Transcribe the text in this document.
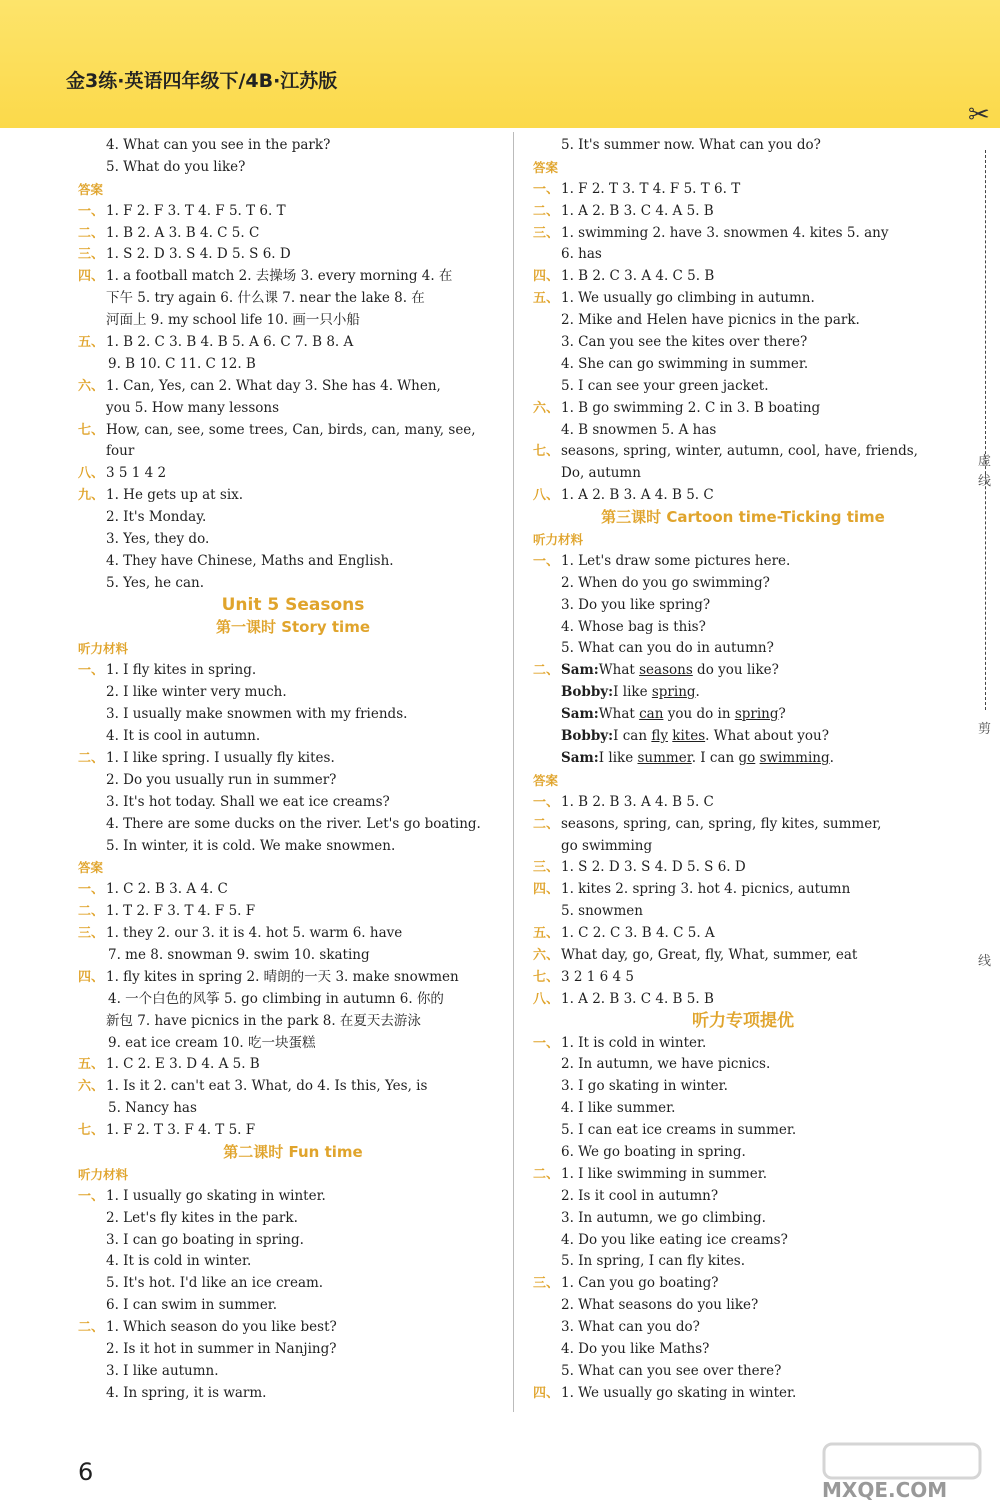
金3练·英语四年级下/4B·江苏版
✂
虚
线
剪
线
4. What can you see in the park?
5. What do you like?
答案
一、 1. F 2. F 3. T 4. F 5. T 6. T
二、 1. B 2. A 3. B 4. C 5. C
三、 1. S 2. D 3. S 4. D 5. S 6. D
四、 1. a football match 2. 去操场 3. every morning 4. 在
下午 5. try again 6. 什么课 7. near the lake 8. 在
河面上 9. my school life 10. 画一只小船
五、 1. B 2. C 3. B 4. B 5. A 6. C 7. B 8. A
9. B 10. C 11. C 12. B
六、 1. Can, Yes, can 2. What day 3. She has 4. When,
you 5. How many lessons
七、 How, can, see, some trees, Can, birds, can, many, see,
four
八、 3 5 1 4 2
九、 1. He gets up at six.
2. It's Monday.
3. Yes, they do.
4. They have Chinese, Maths and English.
5. Yes, he can.
Unit 5 Seasons
第一课时 Story time
听力材料
一、 1. I fly kites in spring.
2. I like winter very much.
3. I usually make snowmen with my friends.
4. It is cool in autumn.
二、 1. I like spring. I usually fly kites.
2. Do you usually run in summer?
3. It's hot today. Shall we eat ice creams?
4. There are some ducks on the river. Let's go boating.
5. In winter, it is cold. We make snowmen.
答案
一、 1. C 2. B 3. A 4. C
二、 1. T 2. F 3. T 4. F 5. F
三、 1. they 2. our 3. it is 4. hot 5. warm 6. have
7. me 8. snowman 9. swim 10. skating
四、 1. fly kites in spring 2. 晴朗的一天 3. make snowmen
4. 一个白色的风筝 5. go climbing in autumn 6. 你的
新包 7. have picnics in the park 8. 在夏天去游泳
9. eat ice cream 10. 吃一块蛋糕
五、 1. C 2. E 3. D 4. A 5. B
六、 1. Is it 2. can't eat 3. What, do 4. Is this, Yes, is
5. Nancy has
七、 1. F 2. T 3. F 4. T 5. F
第二课时 Fun time
听力材料
一、 1. I usually go skating in winter.
2. Let's fly kites in the park.
3. I can go boating in spring.
4. It is cold in winter.
5. It's hot. I'd like an ice cream.
6. I can swim in summer.
二、 1. Which season do you like best?
2. Is it hot in summer in Nanjing?
3. I like autumn.
4. In spring, it is warm.
5. It's summer now. What can you do?
答案
一、 1. F 2. T 3. T 4. F 5. T 6. T
二、 1. A 2. B 3. C 4. A 5. B
三、 1. swimming 2. have 3. snowmen 4. kites 5. any
6. has
四、 1. B 2. C 3. A 4. C 5. B
五、 1. We usually go climbing in autumn.
2. Mike and Helen have picnics in the park.
3. Can you see the kites over there?
4. She can go swimming in summer.
5. I can see your green jacket.
六、 1. B go swimming 2. C in 3. B boating
4. B snowmen 5. A has
七、 seasons, spring, winter, autumn, cool, have, friends,
Do, autumn
八、 1. A 2. B 3. A 4. B 5. C
第三课时 Cartoon time-Ticking time
听力材料
一、 1. Let's draw some pictures here.
2. When do you go swimming?
3. Do you like spring?
4. Whose bag is this?
5. What can you do in autumn?
二、 Sam:What seasons do you like?
Bobby:I like spring.
Sam:What can you do in spring?
Bobby:I can fly kites. What about you?
Sam:I like summer. I can go swimming.
答案
一、 1. B 2. B 3. A 4. B 5. C
二、 seasons, spring, can, spring, fly kites, summer,
go swimming
三、 1. S 2. D 3. S 4. D 5. S 6. D
四、 1. kites 2. spring 3. hot 4. picnics, autumn
5. snowmen
五、 1. C 2. C 3. B 4. C 5. A
六、 What day, go, Great, fly, What, summer, eat
七、 3 2 1 6 4 5
八、 1. A 2. B 3. C 4. B 5. B
听力专项提优
一、 1. It is cold in winter.
2. In autumn, we have picnics.
3. I go skating in winter.
4. I like summer.
5. I can eat ice creams in summer.
6. We go boating in spring.
二、 1. I like swimming in summer.
2. Is it cool in autumn?
3. In autumn, we go climbing.
4. Do you like eating ice creams?
5. In spring, I can fly kites.
三、 1. Can you go boating?
2. What seasons do you like?
3. What can you do?
4. Do you like Maths?
5. What can you see over there?
四、 1. We usually go skating in winter.
6
MXQE.COM
